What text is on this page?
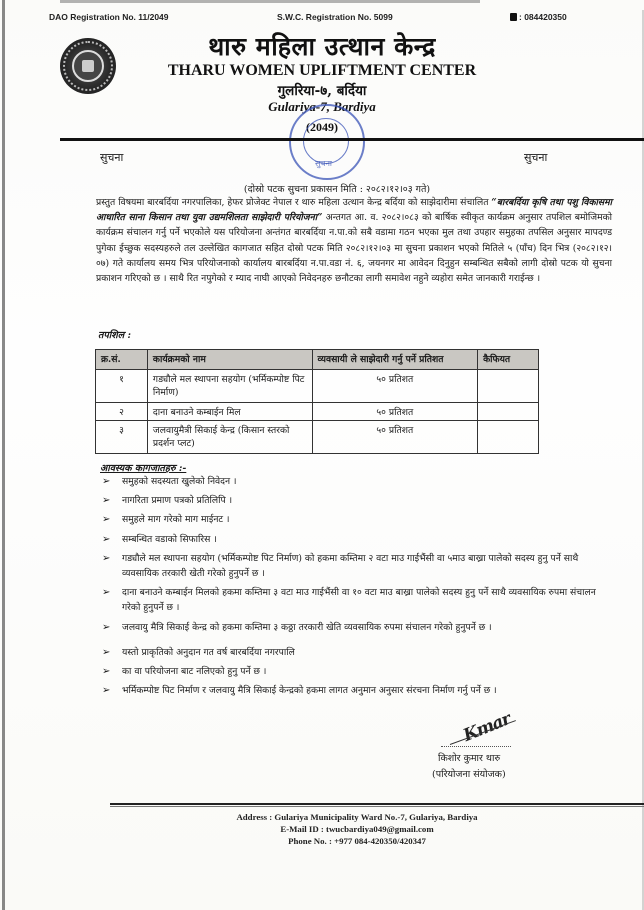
DAO Registration No. 11/2049	S.W.C. Registration No. 5099	: 084420350
थारु महिला उत्थान केन्द्र
THARU WOMEN UPLIFTMENT CENTER
गुलरिया-७, बर्दिया
Gulariya-7, Bardiya
(2049)
सुचना	सुचना	सुचना
(दोस्रो पटक सुचना प्रकासन मिति : २०८२।१२।०३ गते)
प्रस्तुत विषयमा बारबर्दिया नगरपालिका, हेफर प्रोजेक्ट नेपाल र थारु महिला उत्थान केन्द्र बर्दिया को साझेदारीमा संचालित “बारबर्दिया कृषि तथा पशु विकासमा आधारित साना किसान तथा युवा उद्यमशिलता साझेदारी परियोजना” अन्तगत आ. व. २०८२।०८३ को बार्षिक स्वीकृत कार्यक्रम अनुसार तपशिल बमोजिमको कार्यक्रम संचालन गर्नु पर्ने भएकोले यस परियोजना अन्तंगत बारबर्दिया न.पा.को सबै वडामा गठन भएका मुल तथा उपहार समुहका तपसिल अनुसार मापदण्ड पुगेका ईच्छुक सदस्यहरुले तल उल्लेखित कागजात सहित दोस्रो पटक मिति २०८२।१२।०३ मा सुचना प्रकाशन भएको मितिले ५ (पाँच) दिन भित्र (२०८२।१२।०७) गते कार्यालय समय भित्र परियोजनाको कार्यालय बारबर्दिया न.पा.वडा नं. ६, जयनगर मा आवेदन दिनुहुन सम्बन्धित सबैको लागी दोस्रो पटक यो सुचना प्रकाशन गरिएको छ । साथै रित नपुगेको र म्याद नाघी आएको निवेदनहरु छनौटका लागी समावेश नहुने व्यहोरा समेत जानकारी गराईन्छ ।
तपशिल :
क्र.सं.	कार्यक्रमको नाम	व्यवसायी ले साझेदारी गर्नु पर्ने प्रतिशत	कैफियत
१	गड्यौले मल स्थापना सहयोग (भर्मिकम्पोष्ट पिट निर्माण)	५० प्रतिशत	
२	दाना बनाउने कम्बाईन मिल	५० प्रतिशत	
३	जलवायुमैत्री सिकाई केन्द्र (किसान स्तरको प्रदर्शन प्लट)	५० प्रतिशत	
आवस्यक कागजातहरु :-
➢ समुहको सदस्यता खुलेको निवेदन ।
➢ नागरिता प्रमाण पत्रको प्रतिलिपि ।
➢ समुहले माग गरेको माग माईनट ।
➢ सम्बन्धित वडाको सिफारिस ।
➢ गड्यौले मल स्थापना सहयोग (भर्मिकम्पोष्ट पिट निर्माण) को हकमा कम्तिमा २ वटा माउ गाईभैंसी वा ५माउ बाख्रा पालेको सदस्य हुनु पर्ने साथै व्यवसायिक तरकारी खेती गरेको हुनुपर्ने छ ।
➢ दाना बनाउने कम्बाईन मिलको हकमा कम्तिमा ३ वटा माउ गाईभैंसी वा १० वटा माउ बाख्रा पालेको सदस्य हुनु पर्ने साथै व्यवसायिक रुपमा संचालन गरेको हुनुपर्ने छ ।
➢ जलवायु मैत्रि सिकाई केन्द्र को हकमा कम्तिमा ३ कठ्ठा तरकारी खेति व्यवसायिक रुपमा संचालन गरेको हुनुपर्ने छ ।
➢ यस्तो प्राकृतिको अनुदान गत वर्ष बारबर्दिया नगरपालि
➢ का वा परियोजना बाट नलिएको हुनु पर्ने छ ।
➢ भर्मिकम्पोष्ट पिट निर्माण र जलवायु मैत्रि सिकाई केन्द्रको हकमा लागत अनुमान अनुसार संरचना निर्माण गर्नु पर्ने छ ।
Kmar
किशोर कुमार थारु
(परियोजना संयोजक)
Address : Gulariya Municipality Ward No.-7, Gulariya, Bardiya
E-Mail ID : twucbardiya049@gmail.com
Phone No. : +977 084-420350/420347
